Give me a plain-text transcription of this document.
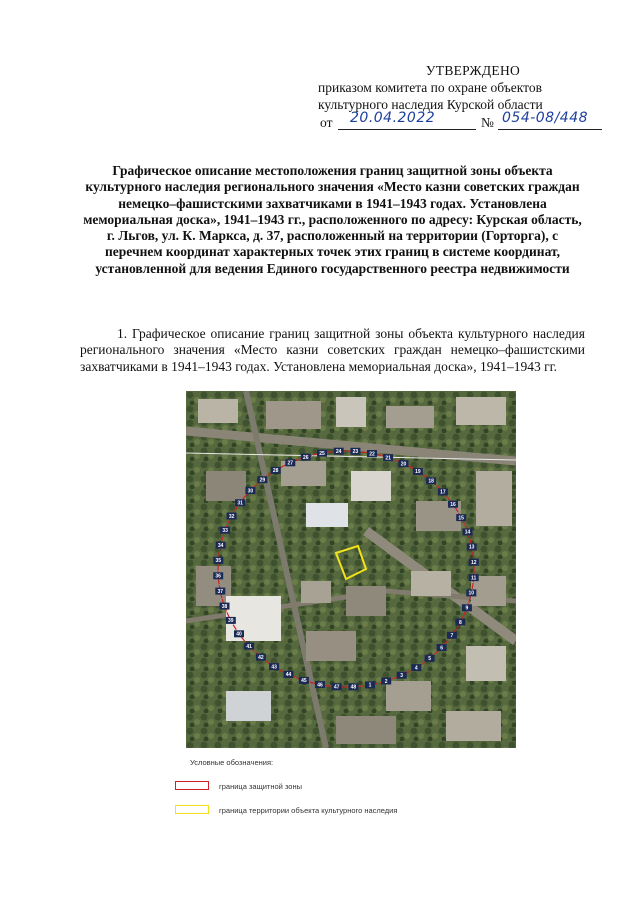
УТВЕРЖДЕНО
приказом комитета по охране объектов
культурного наследия Курской области
от 20.04.2022	№ 054-08/448
Графическое описание местоположения границ защитной зоны объекта культурного наследия регионального значения «Место казни советских граждан немецко–фашистскими захватчиками в 1941–1943 годах. Установлена мемориальная доска», 1941–1943 гг., расположенного по адресу: Курская область, г. Льгов, ул. К. Маркса, д. 37, расположенный на территории (Горторга), с перечнем координат характерных точек этих границ в системе координат, установленной для ведения Единого государственного реестра недвижимости
1. Графическое описание границ защитной зоны объекта культурного наследия регионального значения «Место казни советских граждан немецко–фашистскими захватчиками в 1941–1943 годах. Установлена мемориальная доска», 1941–1943 гг.
1
2
3
4
5
6
7
8
9
10
11
12
13
14
15
16
17
18
19
20
21
22
23
24
25
26
27
28
29
30
31
32
33
34
35
36
37
38
39
40
41
42
43
44
45
46 47 48
Условные обозначения:
граница защитной зоны
граница территории объекта культурного наследия
